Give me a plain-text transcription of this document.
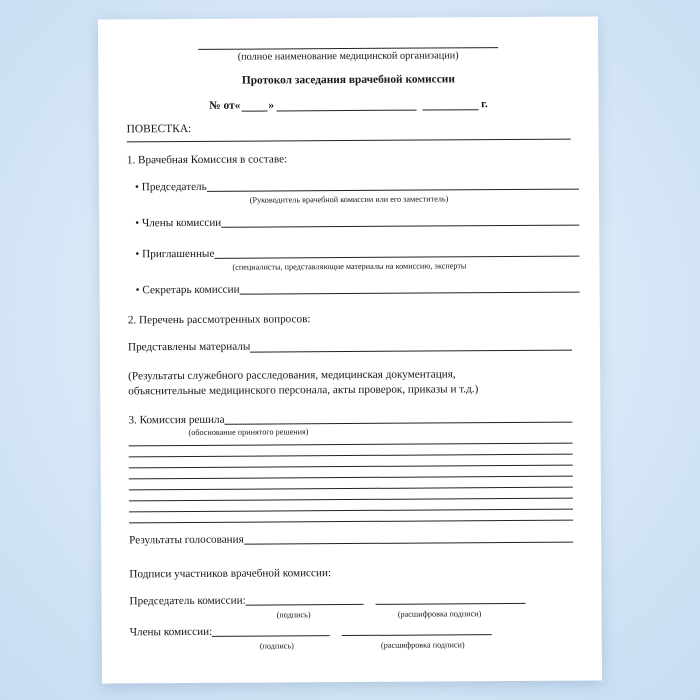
(полное наименование медицинской организации)
Протокол заседания врачебной комиссии
№ от« »	г.
ПОВЕСТКА:
1. Врачебная Комиссия в составе:
• Председатель
(Руководитель врачебной комиссии или его заместитель)
• Члены комиссии
• Приглашенные
(специалисты, представляющие материалы на комиссию, эксперты
• Секретарь комиссии
2. Перечень рассмотренных вопросов:
Представлены материалы
(Результаты служебного расследования, медицинская документация,
объяснительные медицинского персонала, акты проверок, приказы и т.д.)
3. Комиссия решила
(обоснование принятого решения)
Результаты голосования
Подписи участников врачебной комиссии:
Председатель комиссии:
(подпись)	(расшифровка подписи)
Члены комиссии:
(подпись)	(расшифровка подписи)
